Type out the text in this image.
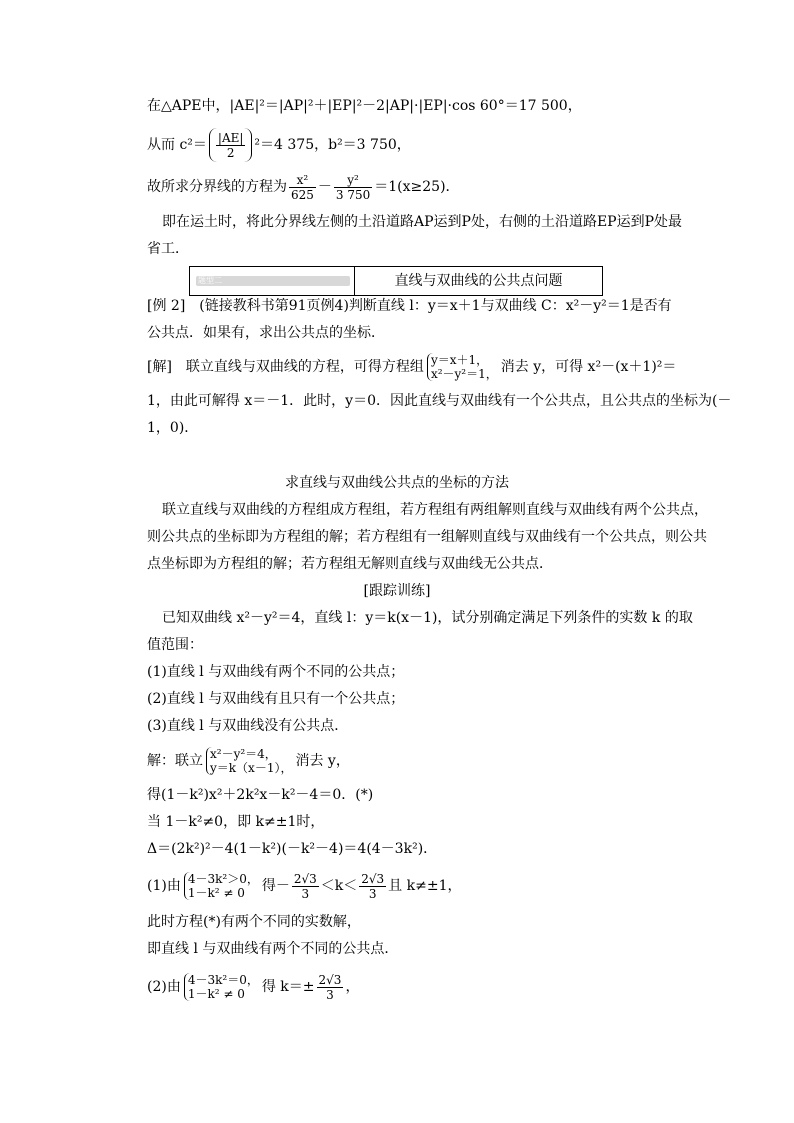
在△APE中，|AE|²＝|AP|²＋|EP|²－2|AP|·|EP|·cos 60°＝17 500，
从而 $c^2= \frac{|AE|}{2} ^2=4$ 375，b²＝3 750，
故所求分界线的方程为 $\frac{\text{x²}}{625} - \frac{\text{y²}}{3 750} =1(x\ge 25)$．
即在运土时，将此分界线左侧的土沿道路AP运到P处，右侧的土沿道路EP运到P处最
省工．
题型二	直线与双曲线的公共点问题
[例 2]　(链接教科书第91页例4)判断直线 l：y＝x＋1与双曲线 C：x²－y²＝1是否有
公共点．如果有，求出公共点的坐标．
[解]　联立直线与双曲线的方程，可得方程组 y＝x＋1，
x²－y²＝1， 消去 y，可得 x²－(x＋1)²＝
1，由此可解得 x＝－1．此时，y＝0．因此直线与双曲线有一个公共点，且公共点的坐标为(－
1，0)．
求直线与双曲线公共点的坐标的方法
联立直线与双曲线的方程组成方程组，若方程组有两组解则直线与双曲线有两个公共点，
则公共点的坐标即为方程组的解；若方程组有一组解则直线与双曲线有一个公共点，则公共
点坐标即为方程组的解；若方程组无解则直线与双曲线无公共点．
[跟踪训练]
已知双曲线 x²－y²＝4，直线 l：y＝k(x－1)，试分别确定满足下列条件的实数 k 的取
值范围：
(1)直线 l 与双曲线有两个不同的公共点；
(2)直线 l 与双曲线有且只有一个公共点；
(3)直线 l 与双曲线没有公共点．
解：联立 x²－y²＝4，
y＝k（x－1）， 消去 y，
得(1－k²)x²＋2k²x－k²－4＝0．(*)
当 1－k²≠0，即 k≠±1时，
Δ＝(2k²)²－4(1－k²)(－k²－4)＝4(4－3k²)．
(1)由 4－3k²＞0，
1－k² ≠ 0	得－ $\frac{2√3}{3} <k< \frac{2√3}{3}$ 且 k≠±1，
此时方程(*)有两个不同的实数解，
即直线 l 与双曲线有两个不同的公共点．
(2)由 4－3k²＝0，
1－k² ≠ 0	得 $k=\pm \frac{2√3}{3}$ ，
